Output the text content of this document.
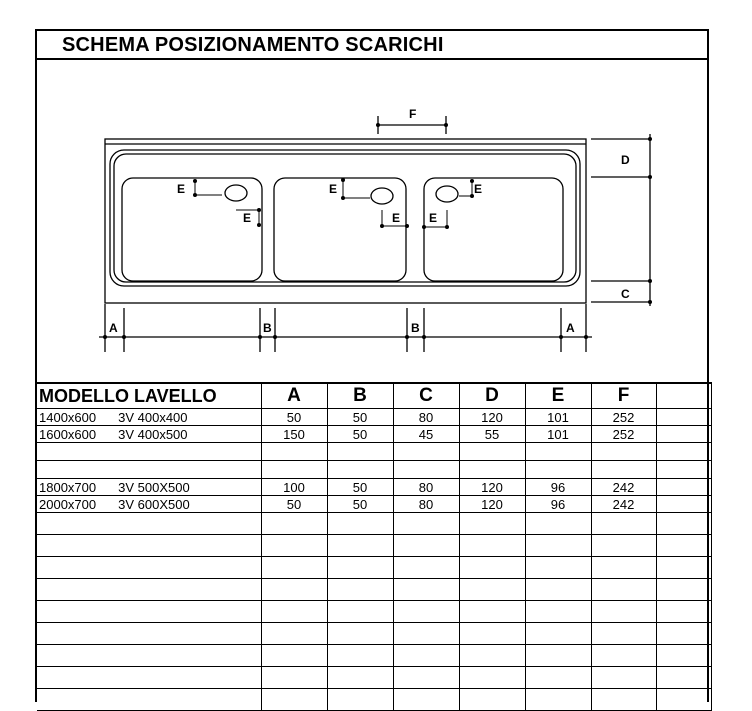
SCHEMA POSIZIONAMENTO SCARICHI
F
D
C
A	B	B	A
E
E
E
E
E
E
MODELLO LAVELLO	A	B	C	D	E	F	
1400x600 3V 400x400	50	50	80	120	101	252	
1600x600 3V 400x500	150	50	45	55	101	252	

1800x700 3V 500X500	100	50	80	120	96	242	
2000x700 3V 600X500	50	50	80	120	96	242	
